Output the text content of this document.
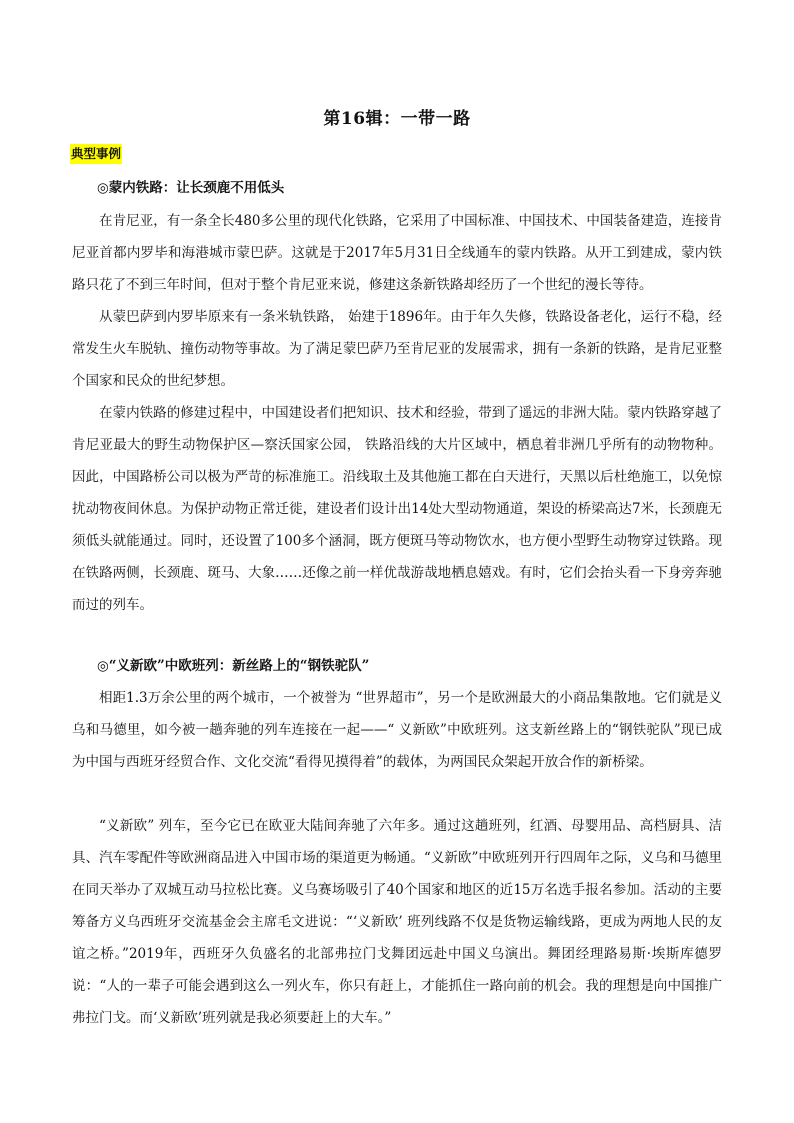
第16辑：一带一路
典型事例
◎蒙内铁路：让长颈鹿不用低头
在肯尼亚，有一条全长480多公里的现代化铁路，它采用了中国标准、中国技术、中国装备建造，连接肯尼亚首都内罗毕和海港城市蒙巴萨。这就是于2017年5月31日全线通车的蒙内铁路。从开工到建成，蒙内铁路只花了不到三年时间，但对于整个肯尼亚来说，修建这条新铁路却经历了一个世纪的漫长等待。
从蒙巴萨到内罗毕原来有一条米轨铁路， 始建于1896年。由于年久失修，铁路设备老化，运行不稳，经常发生火车脱轨、撞伤动物等事故。为了满足蒙巴萨乃至肯尼亚的发展需求，拥有一条新的铁路，是肯尼亚整个国家和民众的世纪梦想。
在蒙内铁路的修建过程中，中国建设者们把知识、技术和经验，带到了遥远的非洲大陆。蒙内铁路穿越了肯尼亚最大的野生动物保护区—察沃国家公园， 铁路沿线的大片区域中，栖息着非洲几乎所有的动物物种。因此，中国路桥公司以极为严苛的标准施工。沿线取土及其他施工都在白天进行，天黑以后杜绝施工，以免惊扰动物夜间休息。为保护动物正常迁徙，建设者们设计出14处大型动物通道，架设的桥梁高达7米，长颈鹿无须低头就能通过。同时，还设置了100多个涵洞，既方便斑马等动物饮水，也方便小型野生动物穿过铁路。现在铁路两侧，长颈鹿、斑马、大象……还像之前一样优哉游哉地栖息嬉戏。有时，它们会抬头看一下身旁奔驰而过的列车。
◎“义新欧”中欧班列：新丝路上的“钢铁驼队”
相距1.3万余公里的两个城市，一个被誉为 “世界超市”，另一个是欧洲最大的小商品集散地。它们就是义乌和马德里，如今被一趟奔驰的列车连接在一起——“ 义新欧”中欧班列。这支新丝路上的“钢铁驼队”现已成为中国与西班牙经贸合作、文化交流“看得见摸得着”的载体，为两国民众架起开放合作的新桥梁。
“义新欧” 列车，至今它已在欧亚大陆间奔驰了六年多。通过这趟班列，红酒、母婴用品、高档厨具、洁具、汽车零配件等欧洲商品进入中国市场的渠道更为畅通。“义新欧”中欧班列开行四周年之际，义乌和马德里在同天举办了双城互动马拉松比赛。义乌赛场吸引了40个国家和地区的近15万名选手报名参加。活动的主要筹备方义乌西班牙交流基金会主席毛文进说：“‘义新欧’ 班列线路不仅是货物运输线路，更成为两地人民的友谊之桥。”2019年，西班牙久负盛名的北部弗拉门戈舞团远赴中国义乌演出。舞团经理路易斯·埃斯库德罗说：“人的一辈子可能会遇到这么一列火车，你只有赶上，才能抓住一路向前的机会。我的理想是向中国推广弗拉门戈。而‘义新欧’班列就是我必须要赶上的大车。”
